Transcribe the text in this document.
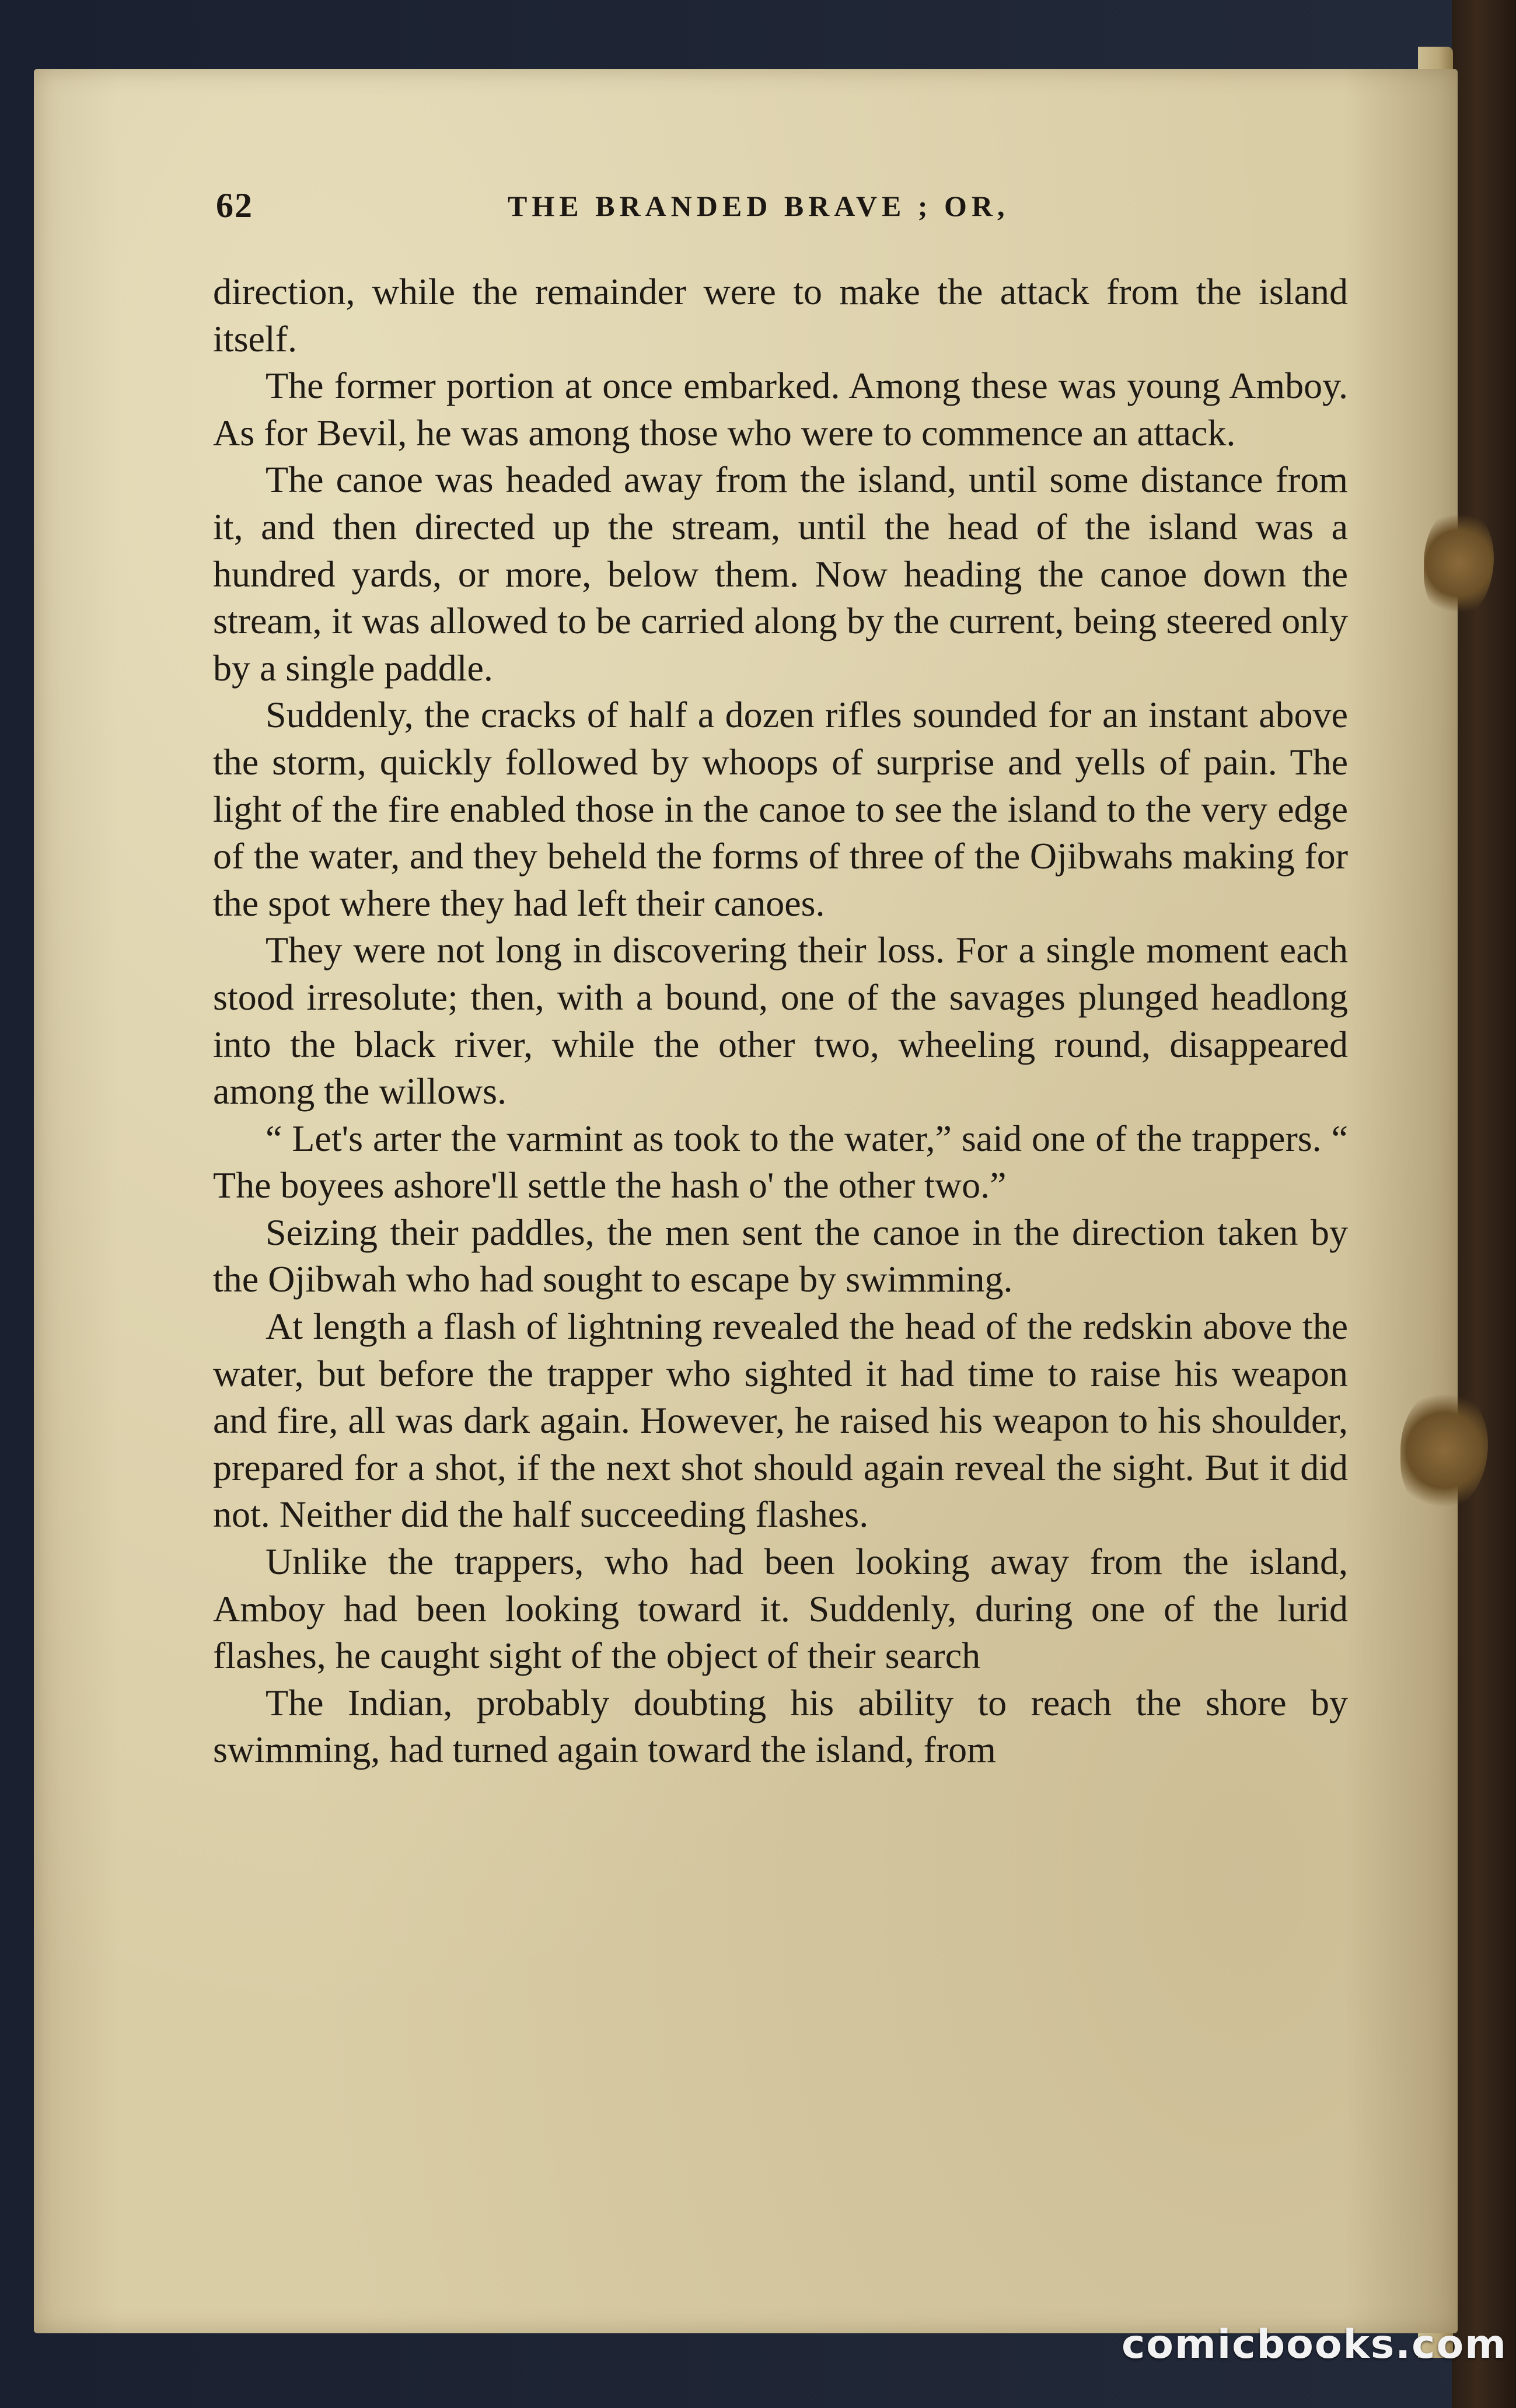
62	THE BRANDED BRAVE ; OR,

direction, while the remainder were to make the attack from the island itself.

The former portion at once embarked. Among these was young Amboy. As for Bevil, he was among those who were to commence an attack.

The canoe was headed away from the island, until some distance from it, and then directed up the stream, until the head of the island was a hundred yards, or more, below them. Now heading the canoe down the stream, it was allowed to be carried along by the current, being steered only by a single paddle.

Suddenly, the cracks of half a dozen rifles sounded for an instant above the storm, quickly followed by whoops of surprise and yells of pain. The light of the fire enabled those in the canoe to see the island to the very edge of the water, and they beheld the forms of three of the Ojibwahs making for the spot where they had left their canoes.

They were not long in discovering their loss. For a single moment each stood irresolute; then, with a bound, one of the savages plunged headlong into the black river, while the other two, wheeling round, disappeared among the willows.

“ Let's arter the varmint as took to the water,” said one of the trappers. “ The boyees ashore'll settle the hash o' the other two.”

Seizing their paddles, the men sent the canoe in the direction taken by the Ojibwah who had sought to escape by swimming.

At length a flash of lightning revealed the head of the redskin above the water, but before the trapper who sighted it had time to raise his weapon and fire, all was dark again. However, he raised his weapon to his shoulder, prepared for a shot, if the next shot should again reveal the sight. But it did not. Neither did the half succeeding flashes.

Unlike the trappers, who had been looking away from the island, Amboy had been looking toward it. Suddenly, during one of the lurid flashes, he caught sight of the object of their search

The Indian, probably doubting his ability to reach the shore by swimming, had turned again toward the island, from

comicbooks.com
